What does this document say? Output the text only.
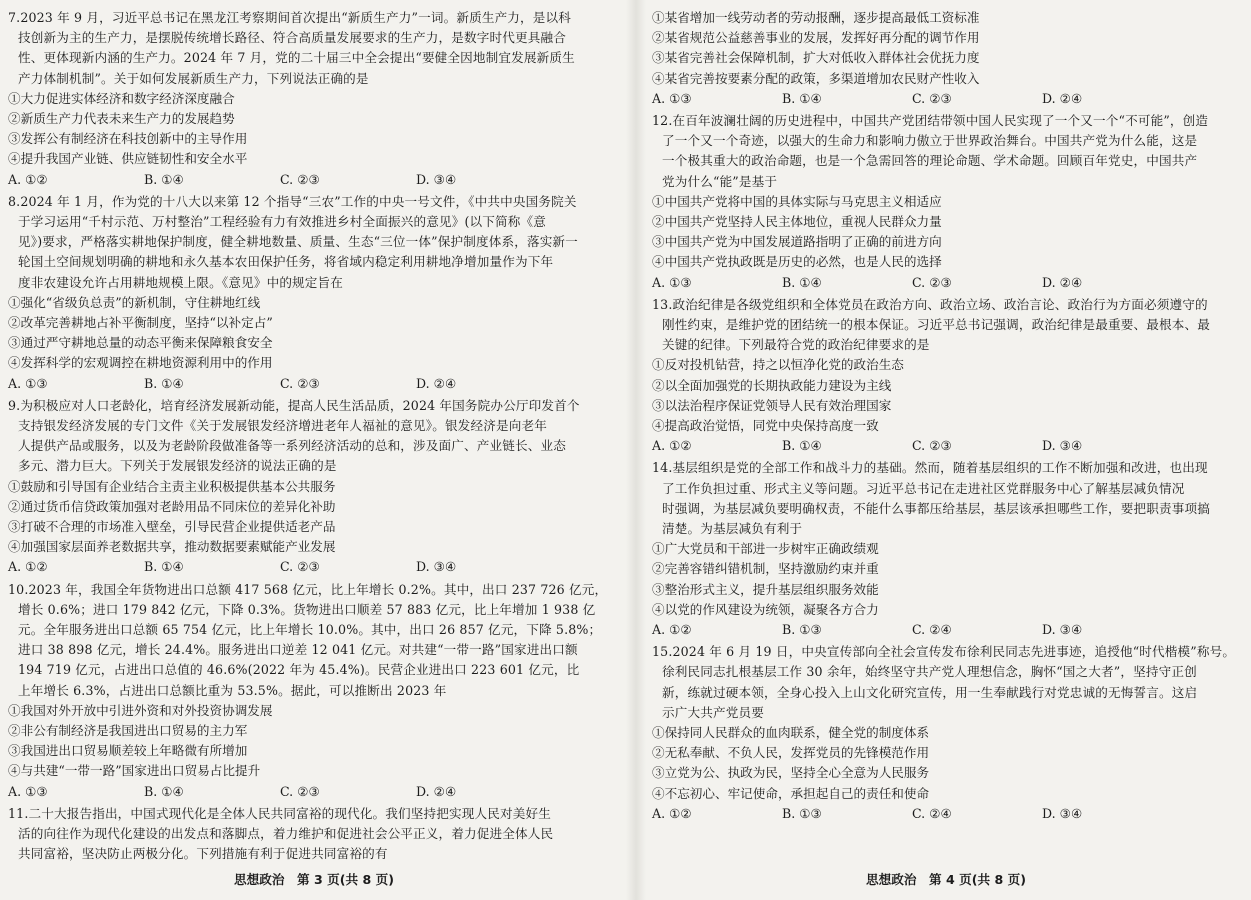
7.2023 年 9 月，习近平总书记在黑龙江考察期间首次提出“新质生产力”一词。新质生产力，是以科
技创新为主的生产力，是摆脱传统增长路径、符合高质量发展要求的生产力，是数字时代更具融合
性、更体现新内涵的生产力。2024 年 7 月，党的二十届三中全会提出“要健全因地制宜发展新质生
产力体制机制”。关于如何发展新质生产力，下列说法正确的是
①大力促进实体经济和数字经济深度融合
②新质生产力代表未来生产力的发展趋势
③发挥公有制经济在科技创新中的主导作用
④提升我国产业链、供应链韧性和安全水平
A. ①②	B. ①④	C. ②③	D. ③④
8.2024 年 1 月，作为党的十八大以来第 12 个指导“三农”工作的中央一号文件，《中共中央国务院关
于学习运用“千村示范、万村整治”工程经验有力有效推进乡村全面振兴的意见》(以下简称《意
见》)要求，严格落实耕地保护制度，健全耕地数量、质量、生态“三位一体”保护制度体系，落实新一
轮国土空间规划明确的耕地和永久基本农田保护任务，将省域内稳定利用耕地净增加量作为下年
度非农建设允许占用耕地规模上限。《意见》中的规定旨在
①强化“省级负总责”的新机制，守住耕地红线
②改革完善耕地占补平衡制度，坚持“以补定占”
③通过严守耕地总量的动态平衡来保障粮食安全
④发挥科学的宏观调控在耕地资源利用中的作用
A. ①③	B. ①④	C. ②③	D. ②④
9.为积极应对人口老龄化，培育经济发展新动能，提高人民生活品质，2024 年国务院办公厅印发首个
支持银发经济发展的专门文件《关于发展银发经济增进老年人福祉的意见》。银发经济是向老年
人提供产品或服务，以及为老龄阶段做准备等一系列经济活动的总和，涉及面广、产业链长、业态
多元、潜力巨大。下列关于发展银发经济的说法正确的是
①鼓励和引导国有企业结合主责主业积极提供基本公共服务
②通过货币信贷政策加强对老龄用品不同床位的差异化补助
③打破不合理的市场准入壁垒，引导民营企业提供适老产品
④加强国家层面养老数据共享，推动数据要素赋能产业发展
A. ①②	B. ①④	C. ②③	D. ③④
10.2023 年，我国全年货物进出口总额 417 568 亿元，比上年增长 0.2%。其中，出口 237 726 亿元，
增长 0.6%；进口 179 842 亿元，下降 0.3%。货物进出口顺差 57 883 亿元，比上年增加 1 938 亿
元。全年服务进出口总额 65 754 亿元，比上年增长 10.0%。其中，出口 26 857 亿元，下降 5.8%；
进口 38 898 亿元，增长 24.4%。服务进出口逆差 12 041 亿元。对共建“一带一路”国家进出口额
194 719 亿元，占进出口总值的 46.6%(2022 年为 45.4%)。民营企业进出口 223 601 亿元，比
上年增长 6.3%，占进出口总额比重为 53.5%。据此，可以推断出 2023 年
①我国对外开放中引进外资和对外投资协调发展
②非公有制经济是我国进出口贸易的主力军
③我国进出口贸易顺差较上年略微有所增加
④与共建“一带一路”国家进出口贸易占比提升
A. ①③	B. ①④	C. ②③	D. ②④
11.二十大报告指出，中国式现代化是全体人民共同富裕的现代化。我们坚持把实现人民对美好生
活的向往作为现代化建设的出发点和落脚点，着力维护和促进社会公平正义，着力促进全体人民
共同富裕，坚决防止两极分化。下列措施有利于促进共同富裕的有
思想政治　第 3 页(共 8 页)
①某省增加一线劳动者的劳动报酬，逐步提高最低工资标准
②某省规范公益慈善事业的发展，发挥好再分配的调节作用
③某省完善社会保障机制，扩大对低收入群体社会优抚力度
④某省完善按要素分配的政策，多渠道增加农民财产性收入
A. ①③	B. ①④	C. ②③	D. ②④
12.在百年波澜壮阔的历史进程中，中国共产党团结带领中国人民实现了一个又一个“不可能”，创造
了一个又一个奇迹，以强大的生命力和影响力傲立于世界政治舞台。中国共产党为什么能，这是
一个极其重大的政治命题，也是一个急需回答的理论命题、学术命题。回顾百年党史，中国共产
党为什么“能”是基于
①中国共产党将中国的具体实际与马克思主义相适应
②中国共产党坚持人民主体地位，重视人民群众力量
③中国共产党为中国发展道路指明了正确的前进方向
④中国共产党执政既是历史的必然，也是人民的选择
A. ①③	B. ①④	C. ②③	D. ②④
13.政治纪律是各级党组织和全体党员在政治方向、政治立场、政治言论、政治行为方面必须遵守的
刚性约束，是维护党的团结统一的根本保证。习近平总书记强调，政治纪律是最重要、最根本、最
关键的纪律。下列最符合党的政治纪律要求的是
①反对投机钻营，持之以恒净化党的政治生态
②以全面加强党的长期执政能力建设为主线
③以法治程序保证党领导人民有效治理国家
④提高政治觉悟，同党中央保持高度一致
A. ①②	B. ①④	C. ②③	D. ③④
14.基层组织是党的全部工作和战斗力的基础。然而，随着基层组织的工作不断加强和改进，也出现
了工作负担过重、形式主义等问题。习近平总书记在走进社区党群服务中心了解基层减负情况
时强调，为基层减负要明确权责，不能什么事都压给基层，基层该承担哪些工作，要把职责事项搞
清楚。为基层减负有利于
①广大党员和干部进一步树牢正确政绩观
②完善容错纠错机制，坚持激励约束并重
③整治形式主义，提升基层组织服务效能
④以党的作风建设为统领，凝聚各方合力
A. ①②	B. ①③	C. ②④	D. ③④
15.2024 年 6 月 19 日，中央宣传部向全社会宣传发布徐利民同志先进事迹，追授他“时代楷模”称号。
徐利民同志扎根基层工作 30 余年，始终坚守共产党人理想信念，胸怀“国之大者”，坚持守正创
新，练就过硬本领，全身心投入上山文化研究宣传，用一生奉献践行对党忠诚的无悔誓言。这启
示广大共产党员要
①保持同人民群众的血肉联系，健全党的制度体系
②无私奉献、不负人民，发挥党员的先锋模范作用
③立党为公、执政为民，坚持全心全意为人民服务
④不忘初心、牢记使命，承担起自己的责任和使命
A. ①②	B. ①③	C. ②④	D. ③④
思想政治　第 4 页(共 8 页)
